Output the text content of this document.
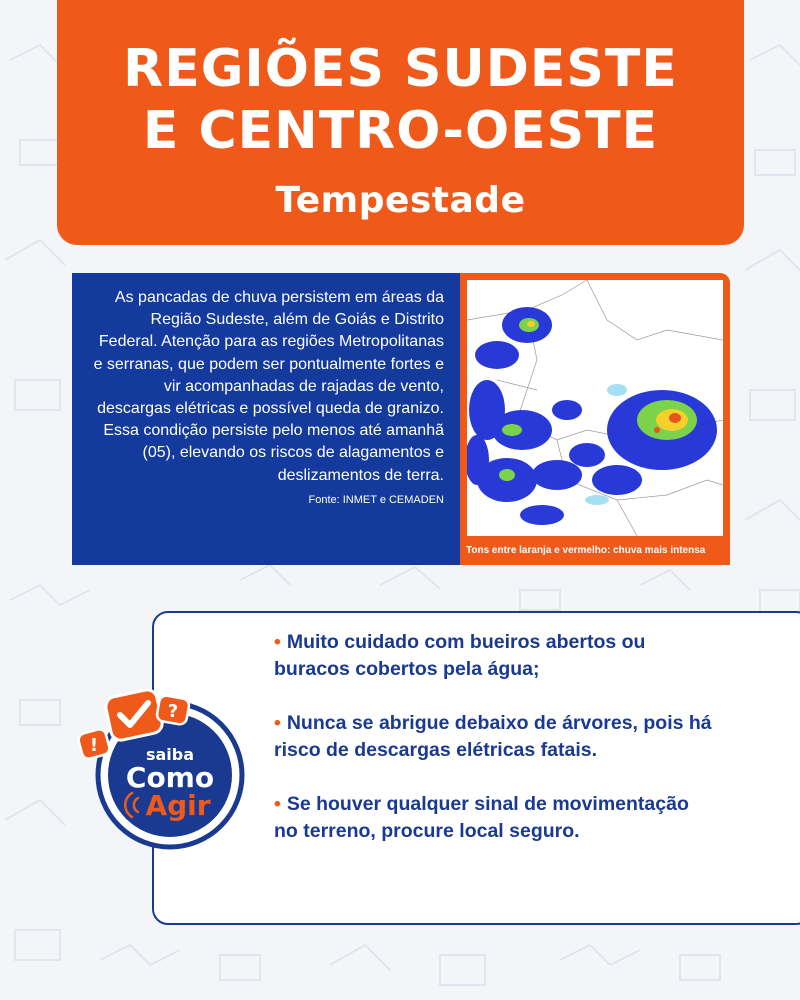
REGIÕES SUDESTE
E CENTRO-OESTE
Tempestade

As pancadas de chuva persistem em áreas da Região Sudeste, além de Goiás e Distrito Federal. Atenção para as regiões Metropolitanas e serranas, que podem ser pontualmente fortes e vir acompanhadas de rajadas de vento, descargas elétricas e possível queda de granizo. Essa condição persiste pelo menos até amanhã (05), elevando os riscos de alagamentos e deslizamentos de terra.

Fonte: INMET e CEMADEN
Tons entre laranja e vermelho: chuva mais intensa
• Muito cuidado com bueiros abertos ou buracos cobertos pela água;
• Nunca se abrigue debaixo de árvores, pois há risco de descargas elétricas fatais.
• Se houver qualquer sinal de movimentação no terreno, procure local seguro.
?
!	saiba
Como
Agir
